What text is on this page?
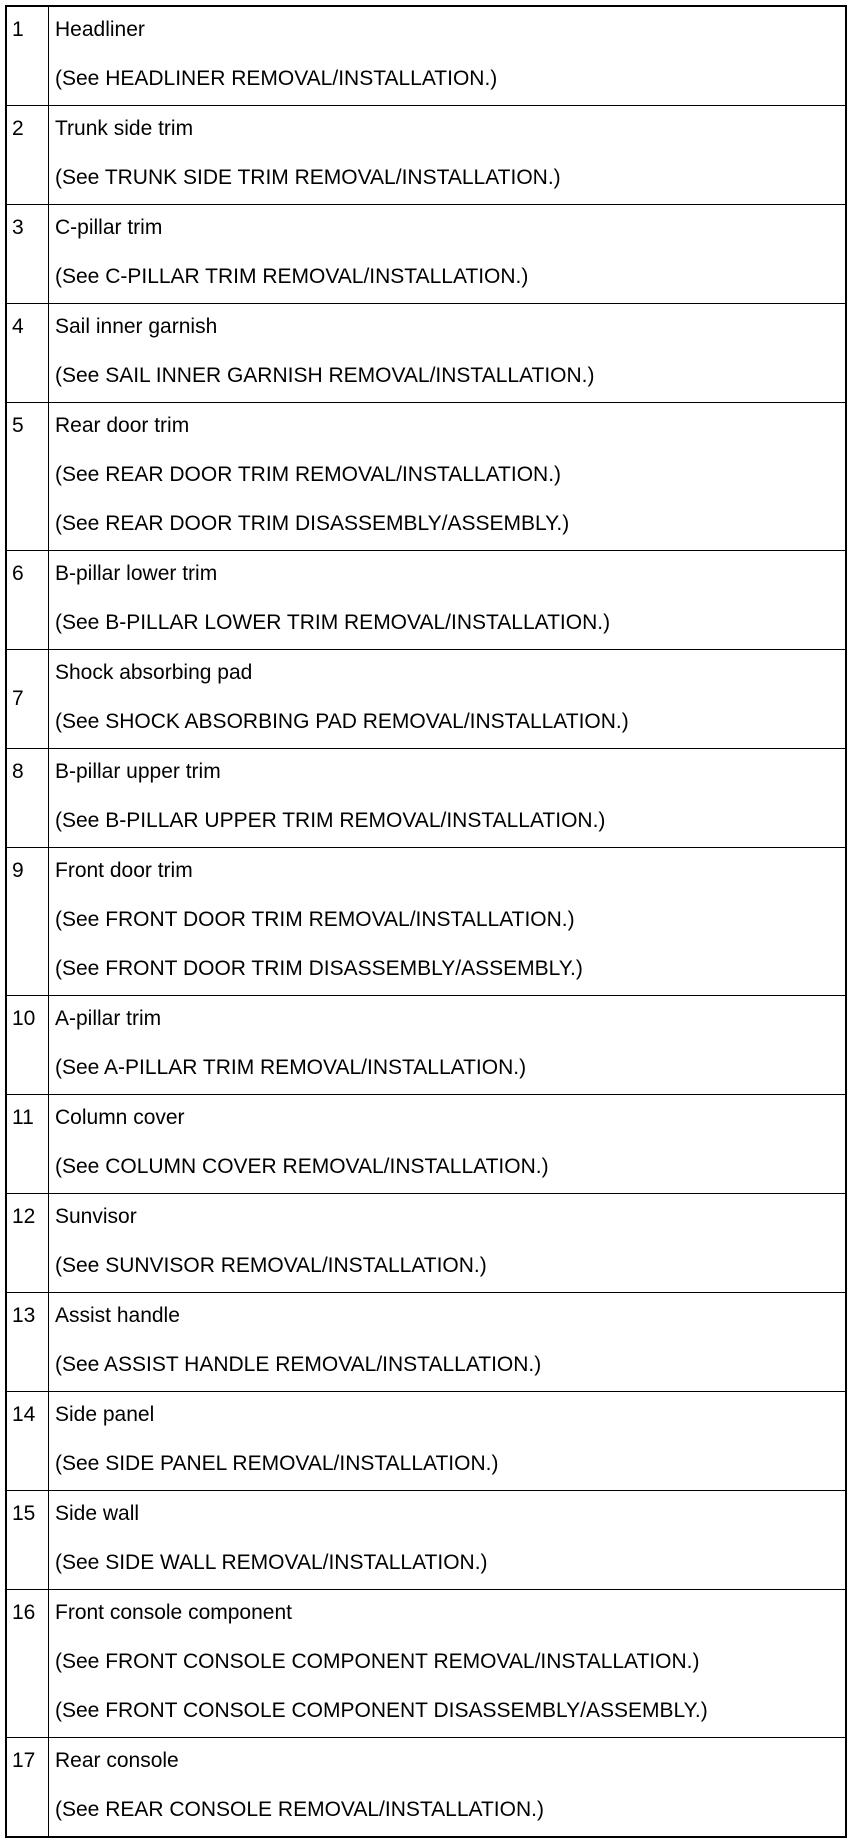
1	Headliner
(See HEADLINER REMOVAL/INSTALLATION.)

2	Trunk side trim
(See TRUNK SIDE TRIM REMOVAL/INSTALLATION.)

3	C-pillar trim
(See C-PILLAR TRIM REMOVAL/INSTALLATION.)

4	Sail inner garnish
(See SAIL INNER GARNISH REMOVAL/INSTALLATION.)

5	Rear door trim
(See REAR DOOR TRIM REMOVAL/INSTALLATION.)
(See REAR DOOR TRIM DISASSEMBLY/ASSEMBLY.)

6	B-pillar lower trim
(See B-PILLAR LOWER TRIM REMOVAL/INSTALLATION.)

7	Shock absorbing pad
(See SHOCK ABSORBING PAD REMOVAL/INSTALLATION.)

8	B-pillar upper trim
(See B-PILLAR UPPER TRIM REMOVAL/INSTALLATION.)

9	Front door trim
(See FRONT DOOR TRIM REMOVAL/INSTALLATION.)
(See FRONT DOOR TRIM DISASSEMBLY/ASSEMBLY.)

10	A-pillar trim
(See A-PILLAR TRIM REMOVAL/INSTALLATION.)

11	Column cover
(See COLUMN COVER REMOVAL/INSTALLATION.)

12	Sunvisor
(See SUNVISOR REMOVAL/INSTALLATION.)

13	Assist handle
(See ASSIST HANDLE REMOVAL/INSTALLATION.)

14	Side panel
(See SIDE PANEL REMOVAL/INSTALLATION.)

15	Side wall
(See SIDE WALL REMOVAL/INSTALLATION.)

16	Front console component
(See FRONT CONSOLE COMPONENT REMOVAL/INSTALLATION.)
(See FRONT CONSOLE COMPONENT DISASSEMBLY/ASSEMBLY.)

17	Rear console
(See REAR CONSOLE REMOVAL/INSTALLATION.)
